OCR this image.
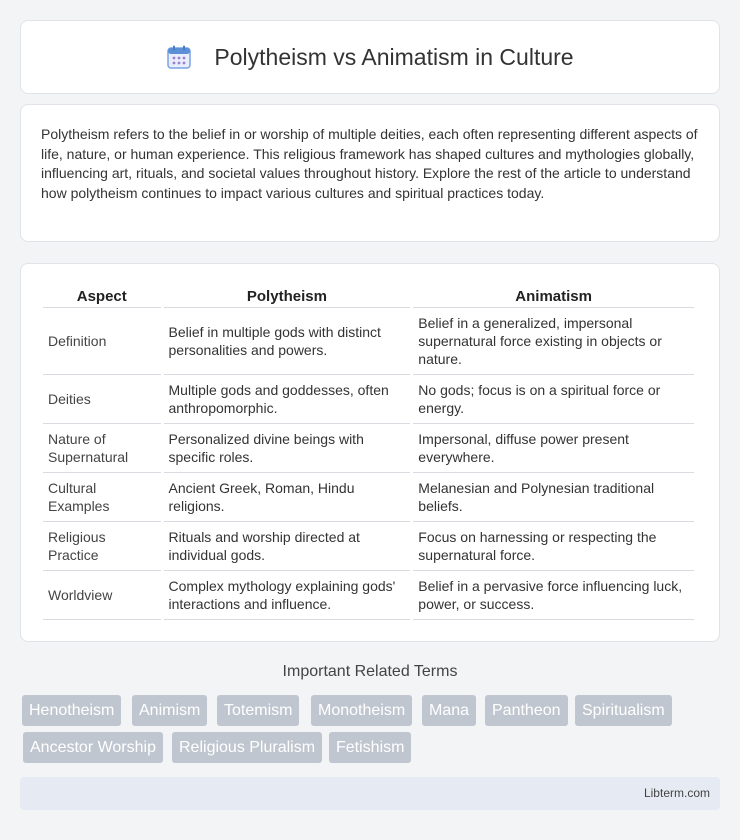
Polytheism vs Animatism in Culture

Polytheism refers to the belief in or worship of multiple deities, each often representing different aspects of life, nature, or human experience. This religious framework has shaped cultures and mythologies globally, influencing art, rituals, and societal values throughout history. Explore the rest of the article to understand how polytheism continues to impact various cultures and spiritual practices today.

Aspect	Polytheism	Animatism
Definition	Belief in multiple gods with distinct personalities and powers.	Belief in a generalized, impersonal supernatural force existing in objects or nature.
Deities	Multiple gods and goddesses, often anthropomorphic.	No gods; focus is on a spiritual force or energy.
Nature of Supernatural	Personalized divine beings with specific roles.	Impersonal, diffuse power present everywhere.
Cultural Examples	Ancient Greek, Roman, Hindu religions.	Melanesian and Polynesian traditional beliefs.
Religious Practice	Rituals and worship directed at individual gods.	Focus on harnessing or respecting the supernatural force.
Worldview	Complex mythology explaining gods' interactions and influence.	Belief in a pervasive force influencing luck, power, or success.
Important Related Terms
Henotheism	Animism	Totemism	Monotheism	Mana	Pantheon	Spiritualism
Ancestor Worship	Religious Pluralism	Fetishism
Libterm.com
